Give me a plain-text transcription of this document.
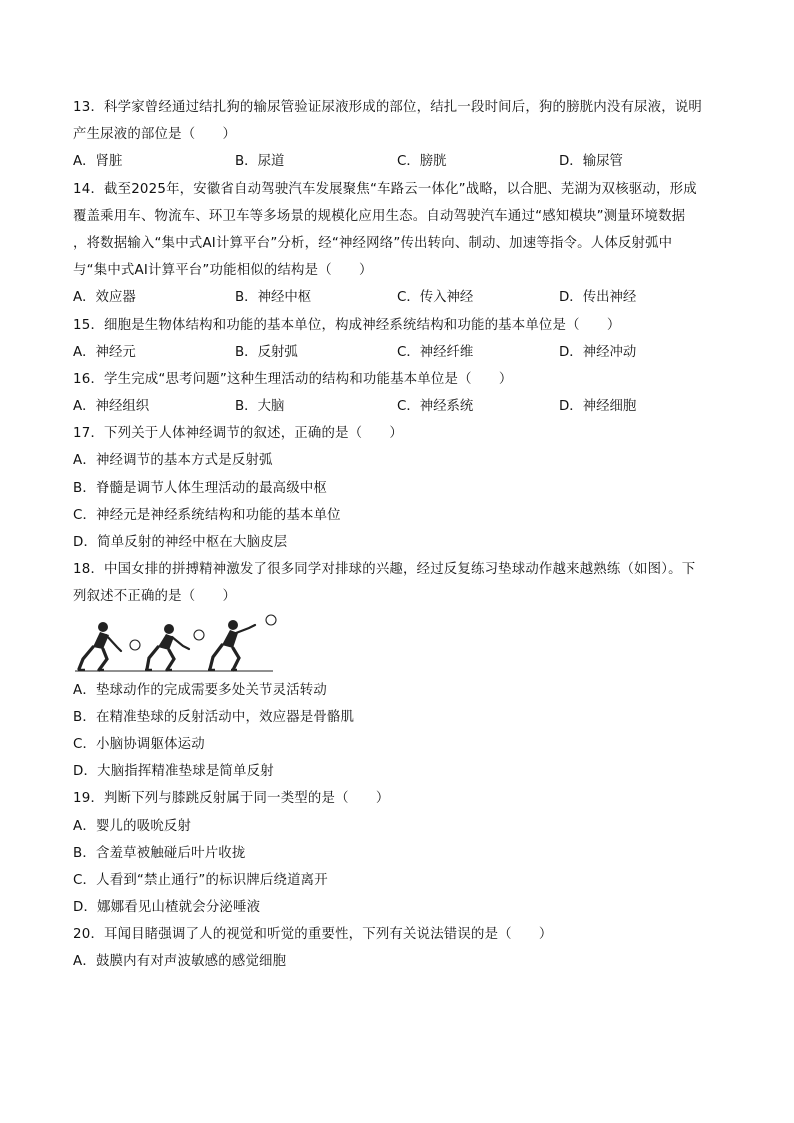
13．科学家曾经通过结扎狗的输尿管验证尿液形成的部位，结扎一段时间后，狗的膀胱内没有尿液，说明
产生尿液的部位是（　　）
A．肾脏	B．尿道	C．膀胱	D．输尿管
14．截至2025年，安徽省自动驾驶汽车发展聚焦“车路云一体化”战略，以合肥、芜湖为双核驱动，形成
覆盖乘用车、物流车、环卫车等多场景的规模化应用生态。自动驾驶汽车通过“感知模块”测量环境数据
，将数据输入“集中式AI计算平台”分析，经“神经网络”传出转向、制动、加速等指令。人体反射弧中
与“集中式AI计算平台”功能相似的结构是（　　）
A．效应器	B．神经中枢	C．传入神经	D．传出神经
15．细胞是生物体结构和功能的基本单位，构成神经系统结构和功能的基本单位是（　　）
A．神经元	B．反射弧	C．神经纤维	D．神经冲动
16．学生完成“思考问题”这种生理活动的结构和功能基本单位是（　　）
A．神经组织	B．大脑	C．神经系统	D．神经细胞
17．下列关于人体神经调节的叙述，正确的是（　　）
A．神经调节的基本方式是反射弧
B．脊髓是调节人体生理活动的最高级中枢
C．神经元是神经系统结构和功能的基本单位
D．简单反射的神经中枢在大脑皮层
18．中国女排的拼搏精神激发了很多同学对排球的兴趣，经过反复练习垫球动作越来越熟练（如图）。下
列叙述不正确的是（　　）
A．垫球动作的完成需要多处关节灵活转动
B．在精准垫球的反射活动中，效应器是骨骼肌
C．小脑协调躯体运动
D．大脑指挥精准垫球是简单反射
19．判断下列与膝跳反射属于同一类型的是（　　）
A．婴儿的吸吮反射
B．含羞草被触碰后叶片收拢
C．人看到“禁止通行”的标识牌后绕道离开
D．娜娜看见山楂就会分泌唾液
20．耳闻目睹强调了人的视觉和听觉的重要性，下列有关说法错误的是（　　）
A．鼓膜内有对声波敏感的感觉细胞
